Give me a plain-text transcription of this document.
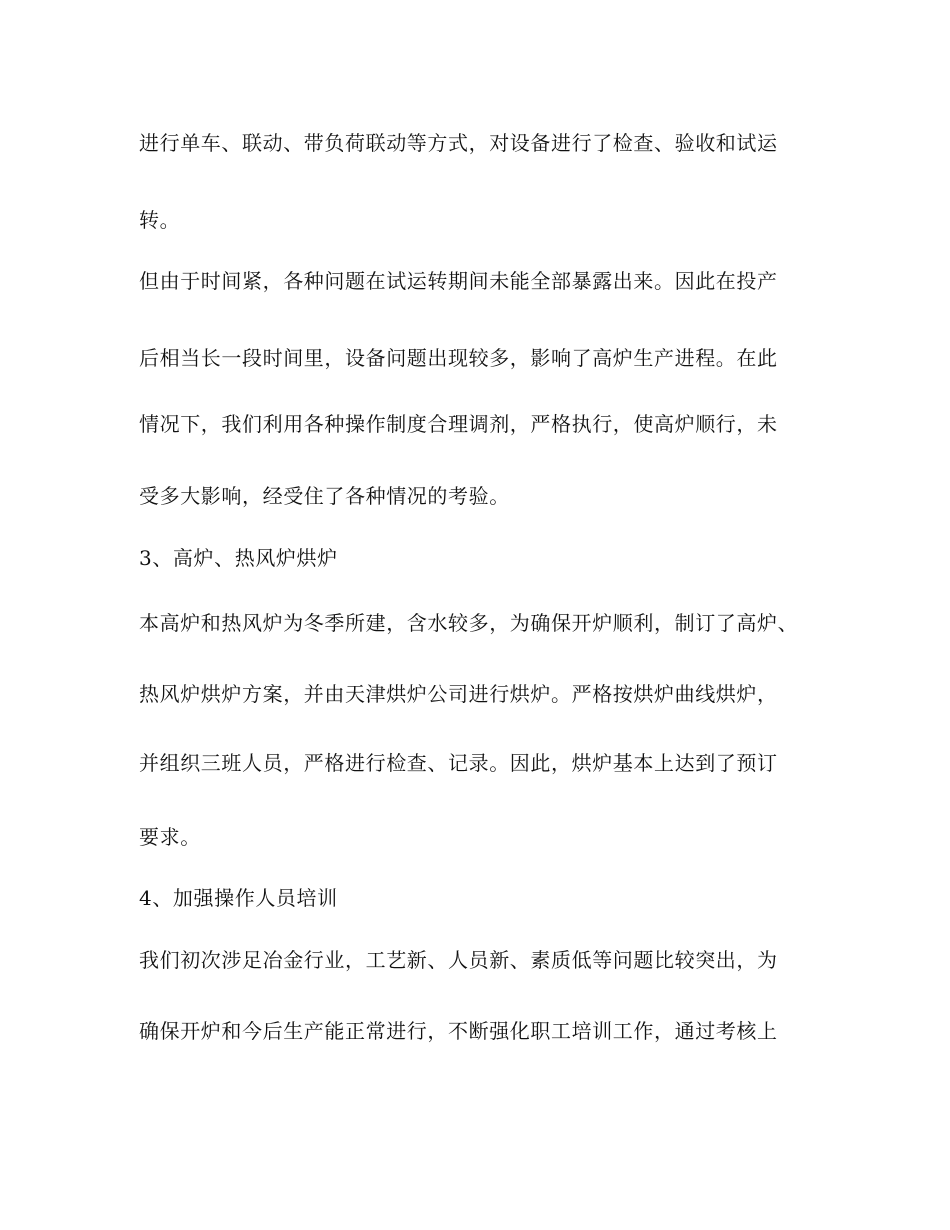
进行单车、联动、带负荷联动等方式，对设备进行了检查、验收和试运

转。

但由于时间紧，各种问题在试运转期间未能全部暴露出来。因此在投产

后相当长一段时间里，设备问题出现较多，影响了高炉生产进程。在此

情况下，我们利用各种操作制度合理调剂，严格执行，使高炉顺行，未

受多大影响，经受住了各种情况的考验。

3、高炉、热风炉烘炉

本高炉和热风炉为冬季所建，含水较多，为确保开炉顺利，制订了高炉、

热风炉烘炉方案，并由天津烘炉公司进行烘炉。严格按烘炉曲线烘炉，

并组织三班人员，严格进行检查、记录。因此，烘炉基本上达到了预订

要求。

4、加强操作人员培训

我们初次涉足冶金行业，工艺新、人员新、素质低等问题比较突出，为

确保开炉和今后生产能正常进行，不断强化职工培训工作，通过考核上
